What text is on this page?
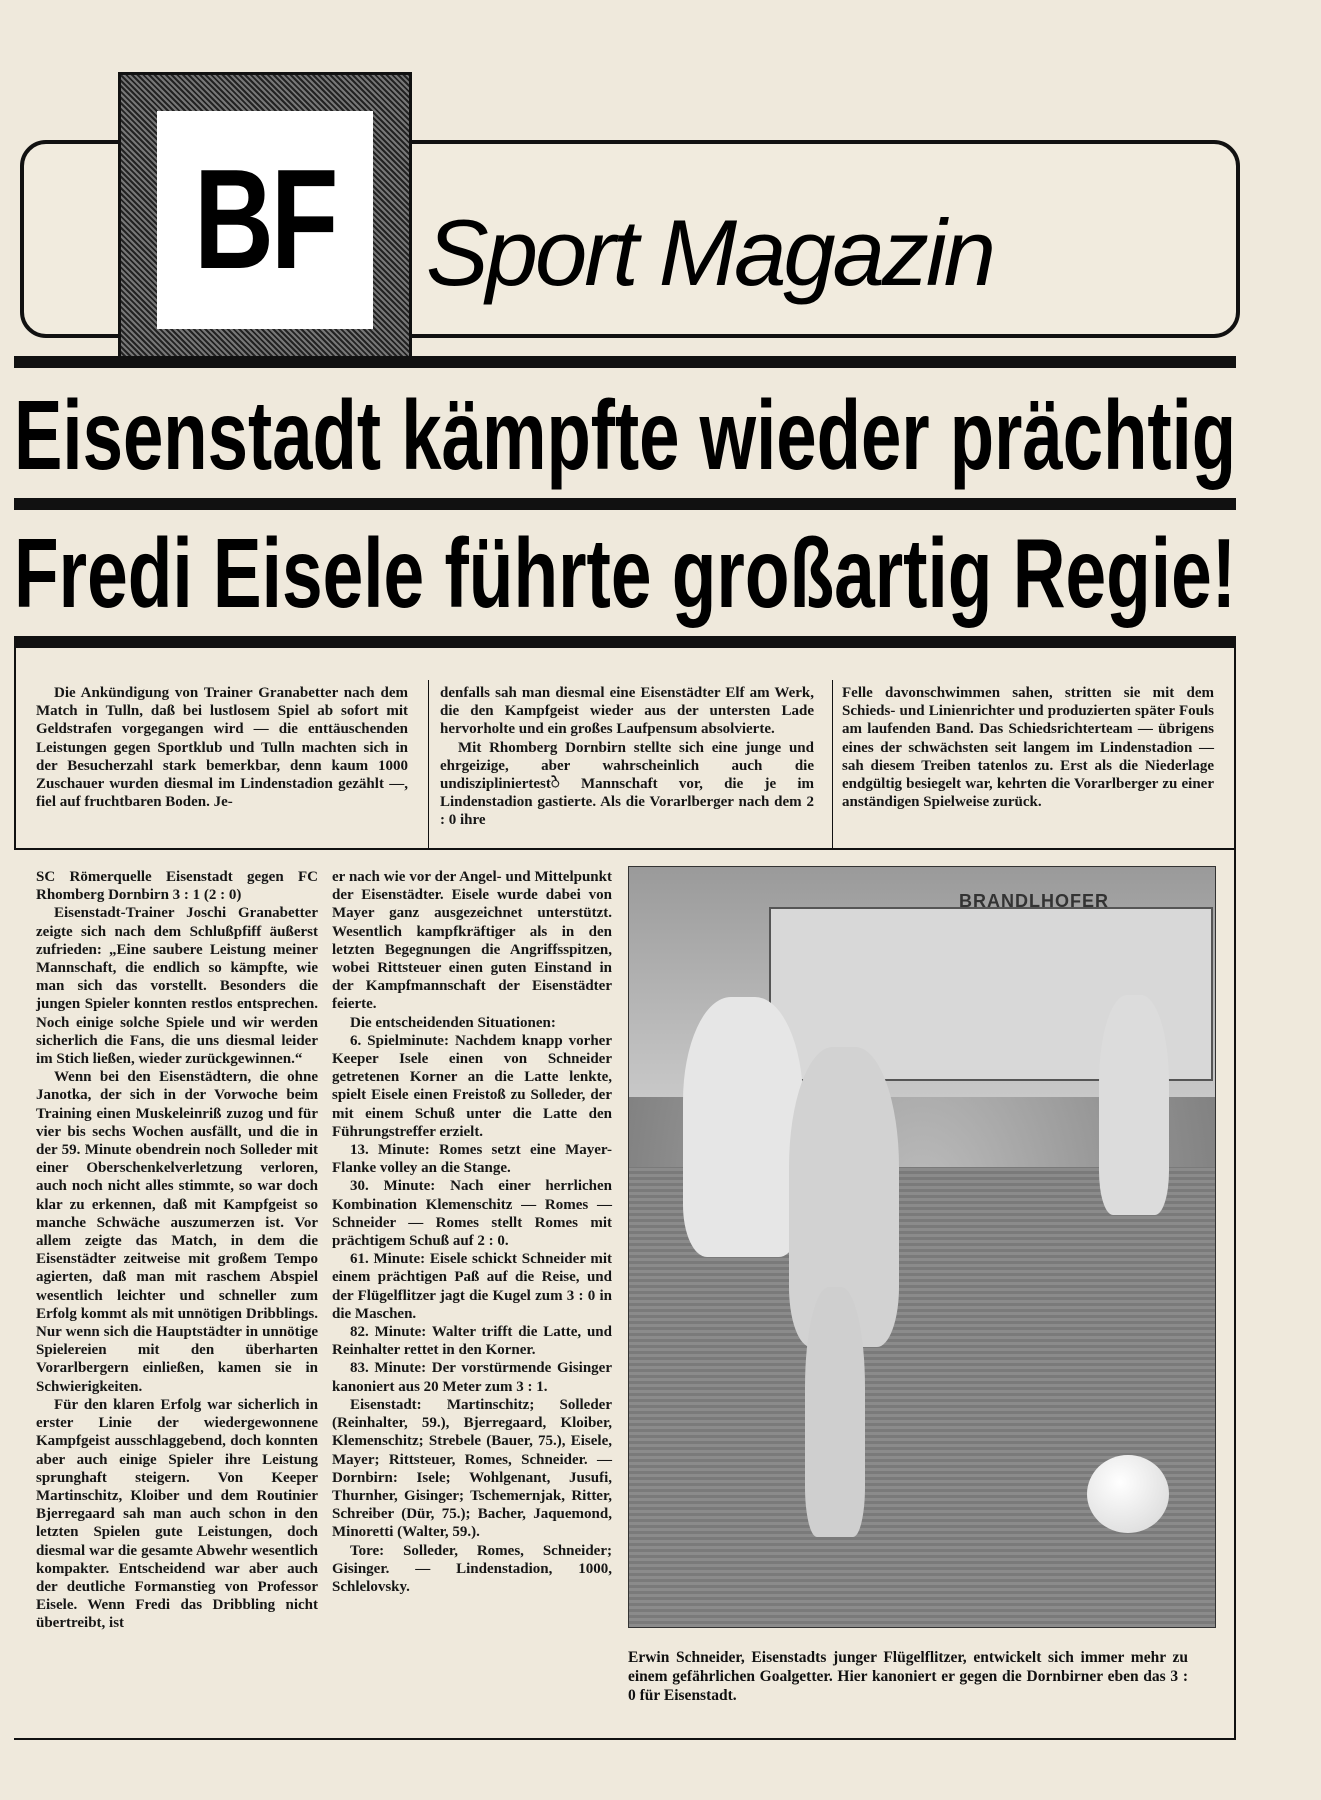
BF Sport Magazin
Eisenstadt kämpfte wieder prächtig
Fredi Eisele führte großartig Regie!

Die Ankündigung von Trainer Granabetter nach dem Match in Tulln, daß bei lustlosem Spiel ab sofort mit Geldstrafen vorgegangen wird — die enttäuschenden Leistungen gegen Sportklub und Tulln machten sich in der Besucherzahl stark bemerkbar, denn kaum 1000 Zuschauer wurden diesmal im Lindenstadion gezählt —, fiel auf fruchtbaren Boden. Je-

denfalls sah man diesmal eine Eisenstädter Elf am Werk, die den Kampfgeist wieder aus der untersten Lade hervorholte und ein großes Laufpensum absolvierte.

Mit Rhomberg Dornbirn stellte sich eine junge und ehrgeizige, aber wahrscheinlich auch die undiszipliniertestे Mannschaft vor, die je im Lindenstadion gastierte. Als die Vorarlberger nach dem 2 : 0 ihre

Felle davonschwimmen sahen, stritten sie mit dem Schieds- und Linienrichter und produzierten später Fouls am laufenden Band. Das Schiedsrichterteam — übrigens eines der schwächsten seit langem im Lindenstadion — sah diesem Treiben tatenlos zu. Erst als die Niederlage endgültig besiegelt war, kehrten die Vorarlberger zu einer anständigen Spielweise zurück.

SC Römerquelle Eisenstadt gegen FC Rhomberg Dornbirn 3 : 1 (2 : 0)

Eisenstadt-Trainer Joschi Granabetter zeigte sich nach dem Schlußpfiff äußerst zufrieden: „Eine saubere Leistung meiner Mannschaft, die endlich so kämpfte, wie man sich das vorstellt. Besonders die jungen Spieler konnten restlos entsprechen. Noch einige solche Spiele und wir werden sicherlich die Fans, die uns diesmal leider im Stich ließen, wieder zurückgewinnen.“

Wenn bei den Eisenstädtern, die ohne Janotka, der sich in der Vorwoche beim Training einen Muskeleinriß zuzog und für vier bis sechs Wochen ausfällt, und die in der 59. Minute obendrein noch Solleder mit einer Oberschenkelverletzung verloren, auch noch nicht alles stimmte, so war doch klar zu erkennen, daß mit Kampfgeist so manche Schwäche auszumerzen ist. Vor allem zeigte das Match, in dem die Eisenstädter zeitweise mit großem Tempo agierten, daß man mit raschem Abspiel wesentlich leichter und schneller zum Erfolg kommt als mit unnötigen Dribblings. Nur wenn sich die Hauptstädter in unnötige Spielereien mit den überharten Vorarlbergern einließen, kamen sie in Schwierigkeiten.

Für den klaren Erfolg war sicherlich in erster Linie der wiedergewonnene Kampfgeist ausschlaggebend, doch konnten aber auch einige Spieler ihre Leistung sprunghaft steigern. Von Keeper Martinschitz, Kloiber und dem Routinier Bjerregaard sah man auch schon in den letzten Spielen gute Leistungen, doch diesmal war die gesamte Abwehr wesentlich kompakter. Entscheidend war aber auch der deutliche Formanstieg von Professor Eisele. Wenn Fredi das Dribbling nicht übertreibt, ist

er nach wie vor der Angel- und Mittelpunkt der Eisenstädter. Eisele wurde dabei von Mayer ganz ausgezeichnet unterstützt. Wesentlich kampfkräftiger als in den letzten Begegnungen die Angriffsspitzen, wobei Rittsteuer einen guten Einstand in der Kampfmannschaft der Eisenstädter feierte.

Die entscheidenden Situationen:

6. Spielminute: Nachdem knapp vorher Keeper Isele einen von Schneider getretenen Korner an die Latte lenkte, spielt Eisele einen Freistoß zu Solleder, der mit einem Schuß unter die Latte den Führungstreffer erzielt.

13. Minute: Romes setzt eine Mayer-Flanke volley an die Stange.

30. Minute: Nach einer herrlichen Kombination Klemenschitz — Romes — Schneider — Romes stellt Romes mit prächtigem Schuß auf 2 : 0.

61. Minute: Eisele schickt Schneider mit einem prächtigen Paß auf die Reise, und der Flügelflitzer jagt die Kugel zum 3 : 0 in die Maschen.

82. Minute: Walter trifft die Latte, und Reinhalter rettet in den Korner.

83. Minute: Der vorstürmende Gisinger kanoniert aus 20 Meter zum 3 : 1.

Eisenstadt: Martinschitz; Solleder (Reinhalter, 59.), Bjerregaard, Kloiber, Klemenschitz; Strebele (Bauer, 75.), Eisele, Mayer; Rittsteuer, Romes, Schneider. — Dornbirn: Isele; Wohlgenant, Jusufi, Thurnher, Gisinger; Tschemernjak, Ritter, Schreiber (Dür, 75.); Bacher, Jaquemond, Minoretti (Walter, 59.).

Tore: Solleder, Romes, Schneider; Gisinger. — Lindenstadion, 1000, Schlelovsky.

BRANDLHOFER
Erwin Schneider, Eisenstadts junger Flügelflitzer, entwickelt sich immer mehr zu einem gefährlichen Goalgetter. Hier kanoniert er gegen die Dornbirner eben das 3 : 0 für Eisenstadt.
